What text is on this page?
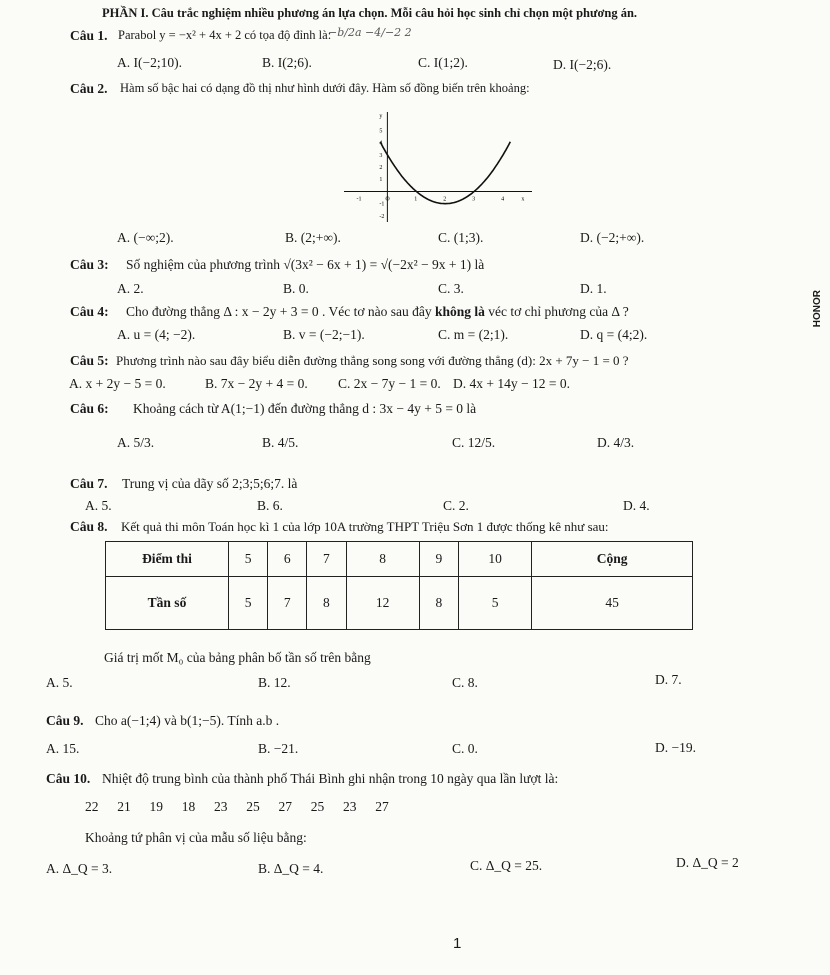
PHẦN I. Câu trắc nghiệm nhiều phương án lựa chọn. Mỗi câu hỏi học sinh chỉ chọn một phương án.
Câu 1. Parabol y = −x² + 4x + 2 có tọa độ đỉnh là:
−b/2a −4/−2 2
A. I(−2;10).	B. I(2;6).	C. I(1;2).	D. I(−2;6).
Câu 2. Hàm số bậc hai có dạng đồ thị như hình dưới đây. Hàm số đồng biến trên khoảng:
-1	O	1	2	3	4	x
y
5
4
3
2
1
-1
-2
A. (−∞;2).	B. (2;+∞).	C. (1;3).	D. (−2;+∞).
Câu 3: Số nghiệm của phương trình √(3x² − 6x + 1) = √(−2x² − 9x + 1) là
A. 2.	B. 0.	C. 3.	D. 1.
Câu 4: Cho đường thẳng Δ : x − 2y + 3 = 0 . Véc tơ nào sau đây không là véc tơ chỉ phương của Δ ?	HONOR
A. u = (4; −2).	B. v = (−2;−1).	C. m = (2;1).	D. q = (4;2).
Câu 5: Phương trình nào sau đây biểu diễn đường thẳng song song với đường thẳng (d): 2x + 7y − 1 = 0 ?
A. x + 2y − 5 = 0.	B. 7x − 2y + 4 = 0. C. 2x − 7y − 1 = 0. D. 4x + 14y − 12 = 0.
Câu 6: Khoảng cách từ A(1;−1) đến đường thẳng d : 3x − 4y + 5 = 0 là
A. 5/3.	B. 4/5.	C. 12/5.	D. 4/3.
Câu 7. Trung vị của dãy số 2;3;5;6;7. là
A. 5.	B. 6.	C. 2.	D. 4.
Câu 8. Kết quả thi môn Toán học kì 1 của lớp 10A trường THPT Triệu Sơn 1 được thống kê như sau:
Điểm thi	5	6	7	8	9	10	Cộng
Tần số	5	7	8	12	8	5	45
Giá trị mốt M₀ của bảng phân bố tần số trên bằng
A. 5.	B. 12.	C. 8.	D. 7.
Câu 9. Cho a(−1;4) và b(1;−5). Tính a.b .
A. 15.	B. −21.	C. 0.	D. −19.
Câu 10. Nhiệt độ trung bình của thành phố Thái Bình ghi nhận trong 10 ngày qua lần lượt là:
22  21  19  18  23  25  27  25  23  27
Khoảng tứ phân vị của mẫu số liệu bằng:
A. Δ_Q = 3.	B. Δ_Q = 4.	C. Δ_Q = 25.	D. Δ_Q = 2
1
